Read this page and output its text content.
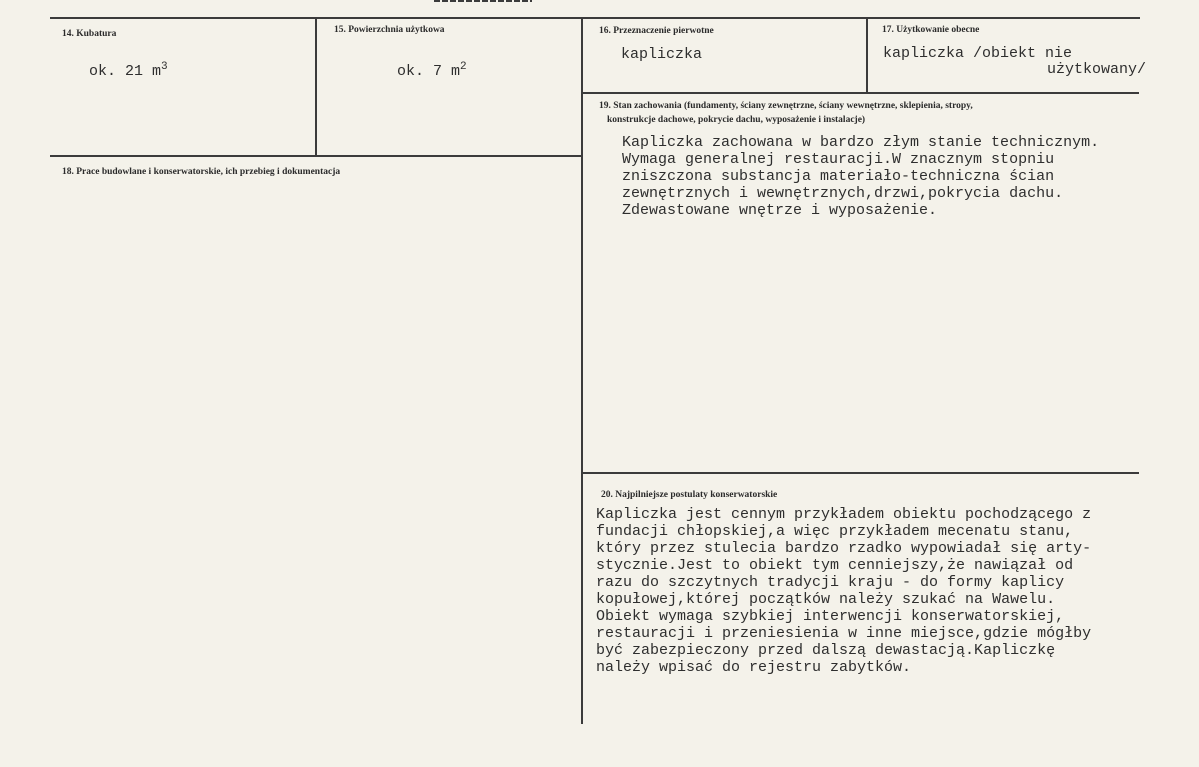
14. Kubatura
ok. 21 $m^3$
15. Powierzchnia użytkowa
ok. 7 $m^2$
16. Przeznaczenie pierwotne
kapliczka
17. Użytkowanie obecne
kapliczka /obiekt nie
użytkowany/
18. Prace budowlane i konserwatorskie, ich przebieg i dokumentacja
19. Stan zachowania (fundamenty, ściany zewnętrzne, ściany wewnętrzne, sklepienia, stropy,
konstrukcje dachowe, pokrycie dachu, wyposażenie i instalacje)
Kapliczka zachowana w bardzo złym stanie technicznym.
Wymaga generalnej restauracji.W znacznym stopniu
zniszczona substancja materiało-techniczna ścian
zewnętrznych i wewnętrznych,drzwi,pokrycia dachu.
Zdewastowane wnętrze i wyposażenie.
20. Najpilniejsze postulaty konserwatorskie
Kapliczka jest cennym przykładem obiektu pochodzącego z
fundacji chłopskiej,a więc przykładem mecenatu stanu,
który przez stulecia bardzo rzadko wypowiadał się arty-
stycznie.Jest to obiekt tym cenniejszy,że nawiązał od
razu do szczytnych tradycji kraju - do formy kaplicy
kopułowej,której początków należy szukać na Wawelu.
Obiekt wymaga szybkiej interwencji konserwatorskiej,
restauracji i przeniesienia w inne miejsce,gdzie mógłby
być zabezpieczony przed dalszą dewastacją.Kapliczkę
należy wpisać do rejestru zabytków.
